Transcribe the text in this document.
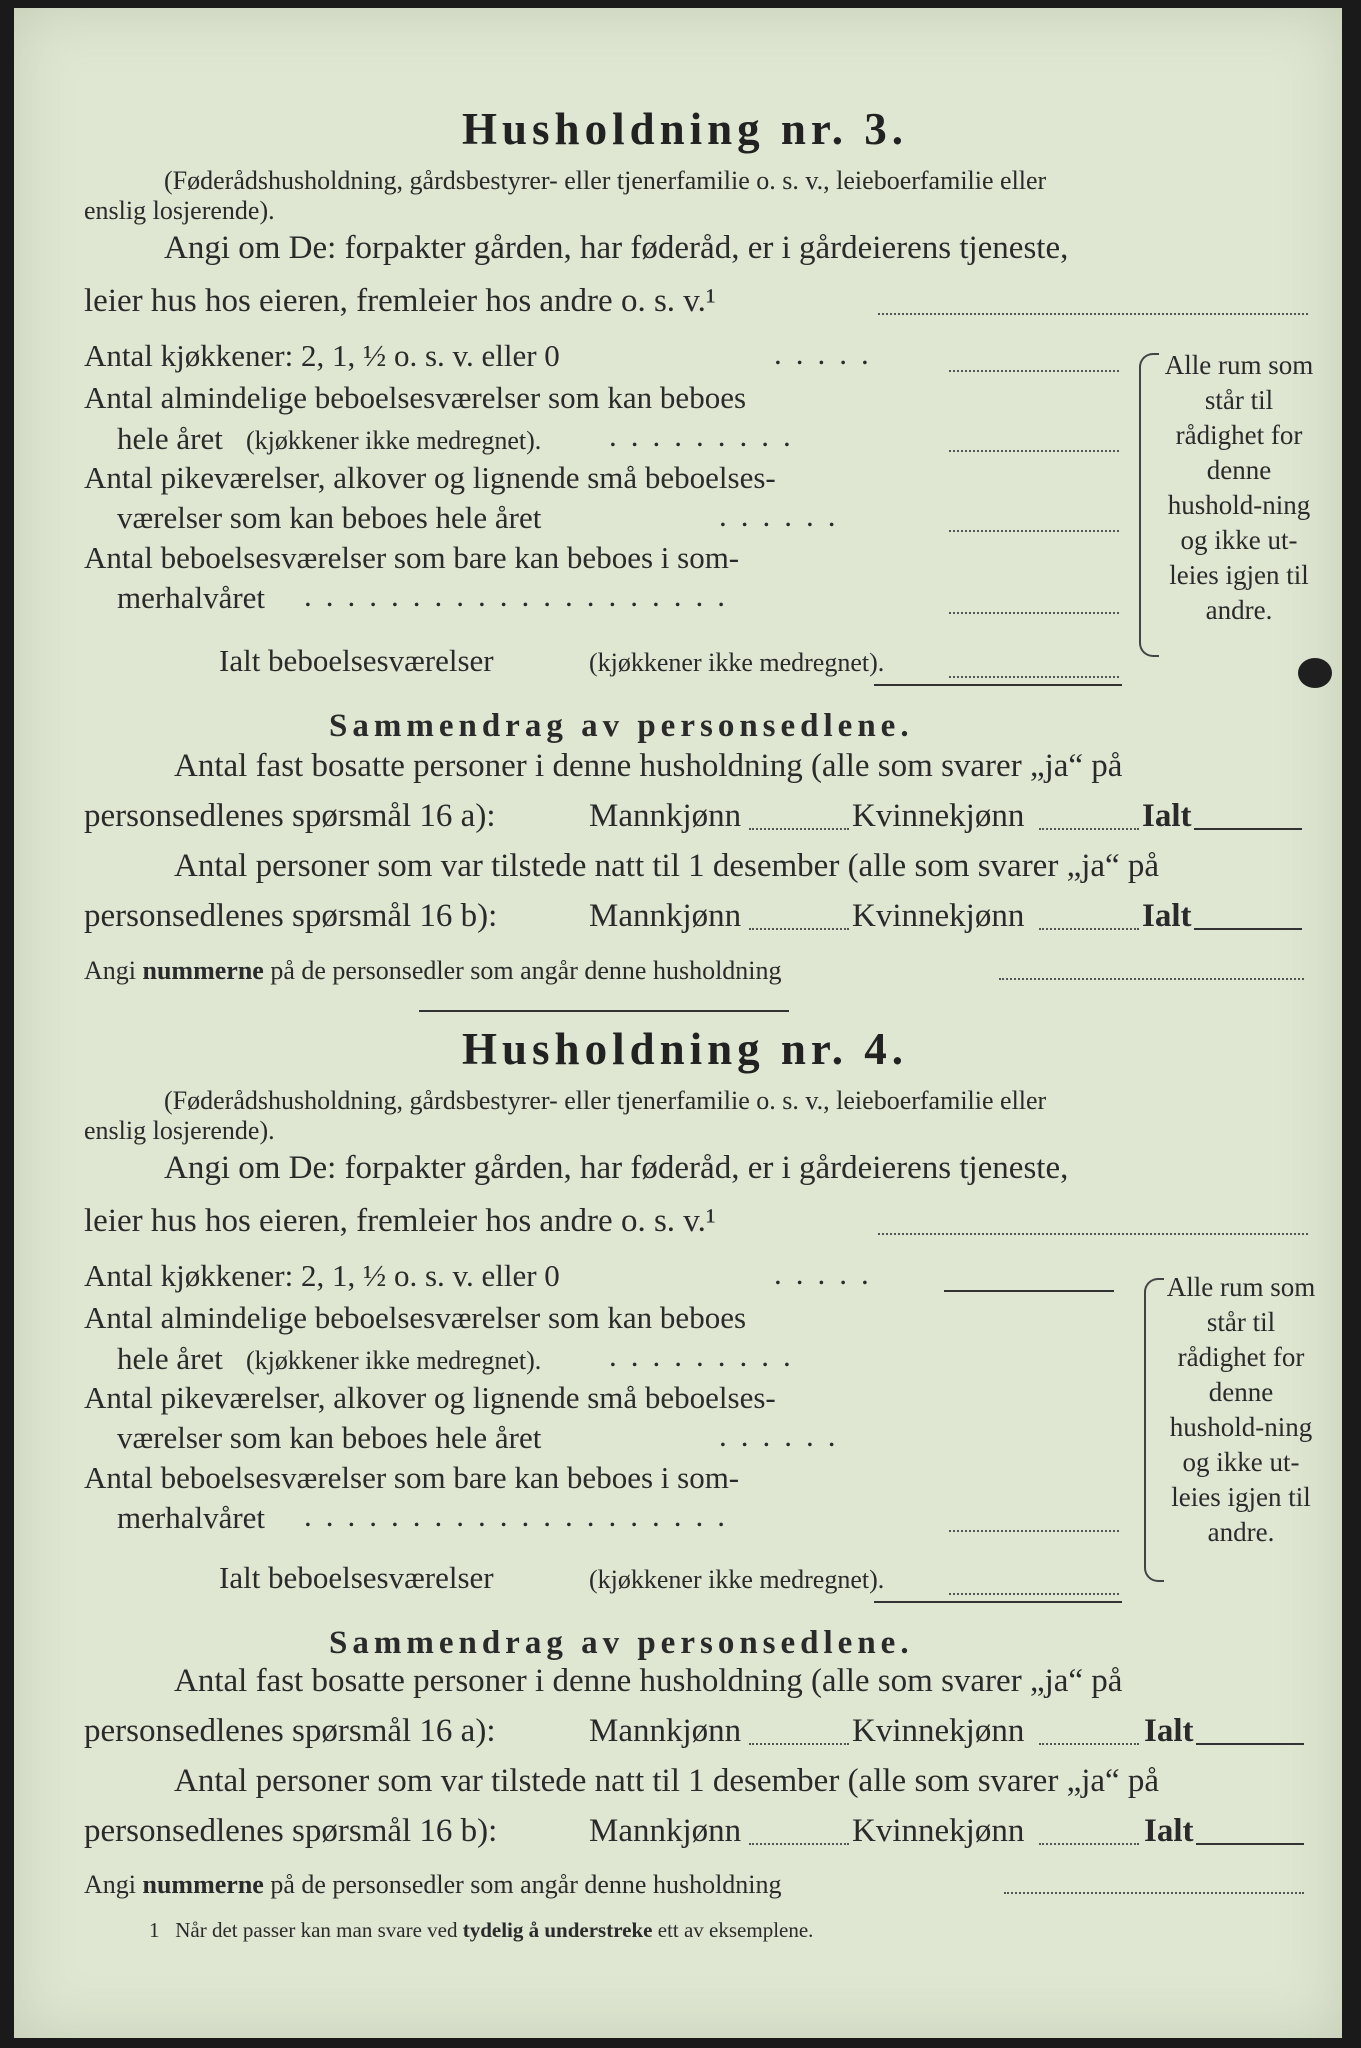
Husholdning nr. 3.
(Føderådshusholdning, gårdsbestyrer- eller tjenerfamilie o. s. v., leieboerfamilie eller
enslig losjerende).
Angi om De: forpakter gården, har føderåd, er i gårdeierens tjeneste,
leier hus hos eieren, fremleier hos andre o. s. v.¹
Antal kjøkkener: 2, 1, ½ o. s. v. eller 0	.....
Antal almindelige beboelsesværelser som kan beboes
hele året (kjøkkener ikke medregnet). .........
Antal pikeværelser, alkover og lignende små beboelses-
værelser som kan beboes hele året	......
Antal beboelsesværelser som bare kan beboes i som-
merhalvåret ....................
Ialt beboelsesværelser	(kjøkkener ikke medregnet).
Alle rum som står til rådighet for denne hushold-ning og ikke ut-leies igjen til andre.
Sammendrag av personsedlene.
Antal fast bosatte personer i denne husholdning (alle som svarer „ja“ på
personsedlenes spørsmål 16 a):	Mannkjønn	Kvinnekjønn	Ialt
Antal personer som var tilstede natt til 1 desember (alle som svarer „ja“ på
personsedlenes spørsmål 16 b):	Mannkjønn	Kvinnekjønn	Ialt
Angi nummerne på de personsedler som angår denne husholdning
Husholdning nr. 4.
(Føderådshusholdning, gårdsbestyrer- eller tjenerfamilie o. s. v., leieboerfamilie eller
enslig losjerende).
Angi om De: forpakter gården, har føderåd, er i gårdeierens tjeneste,
leier hus hos eieren, fremleier hos andre o. s. v.¹
Antal kjøkkener: 2, 1, ½ o. s. v. eller 0	.....
Antal almindelige beboelsesværelser som kan beboes
hele året (kjøkkener ikke medregnet). .........
Antal pikeværelser, alkover og lignende små beboelses-
værelser som kan beboes hele året	......
Antal beboelsesværelser som bare kan beboes i som-
merhalvåret ....................
Ialt beboelsesværelser	(kjøkkener ikke medregnet).
Alle rum som står til rådighet for denne hushold-ning og ikke ut-leies igjen til andre.
Sammendrag av personsedlene.
Antal fast bosatte personer i denne husholdning (alle som svarer „ja“ på
personsedlenes spørsmål 16 a):	Mannkjønn	Kvinnekjønn	Ialt
Antal personer som var tilstede natt til 1 desember (alle som svarer „ja“ på
personsedlenes spørsmål 16 b):	Mannkjønn	Kvinnekjønn	Ialt
Angi nummerne på de personsedler som angår denne husholdning
1 Når det passer kan man svare ved tydelig å understreke ett av eksemplene.
